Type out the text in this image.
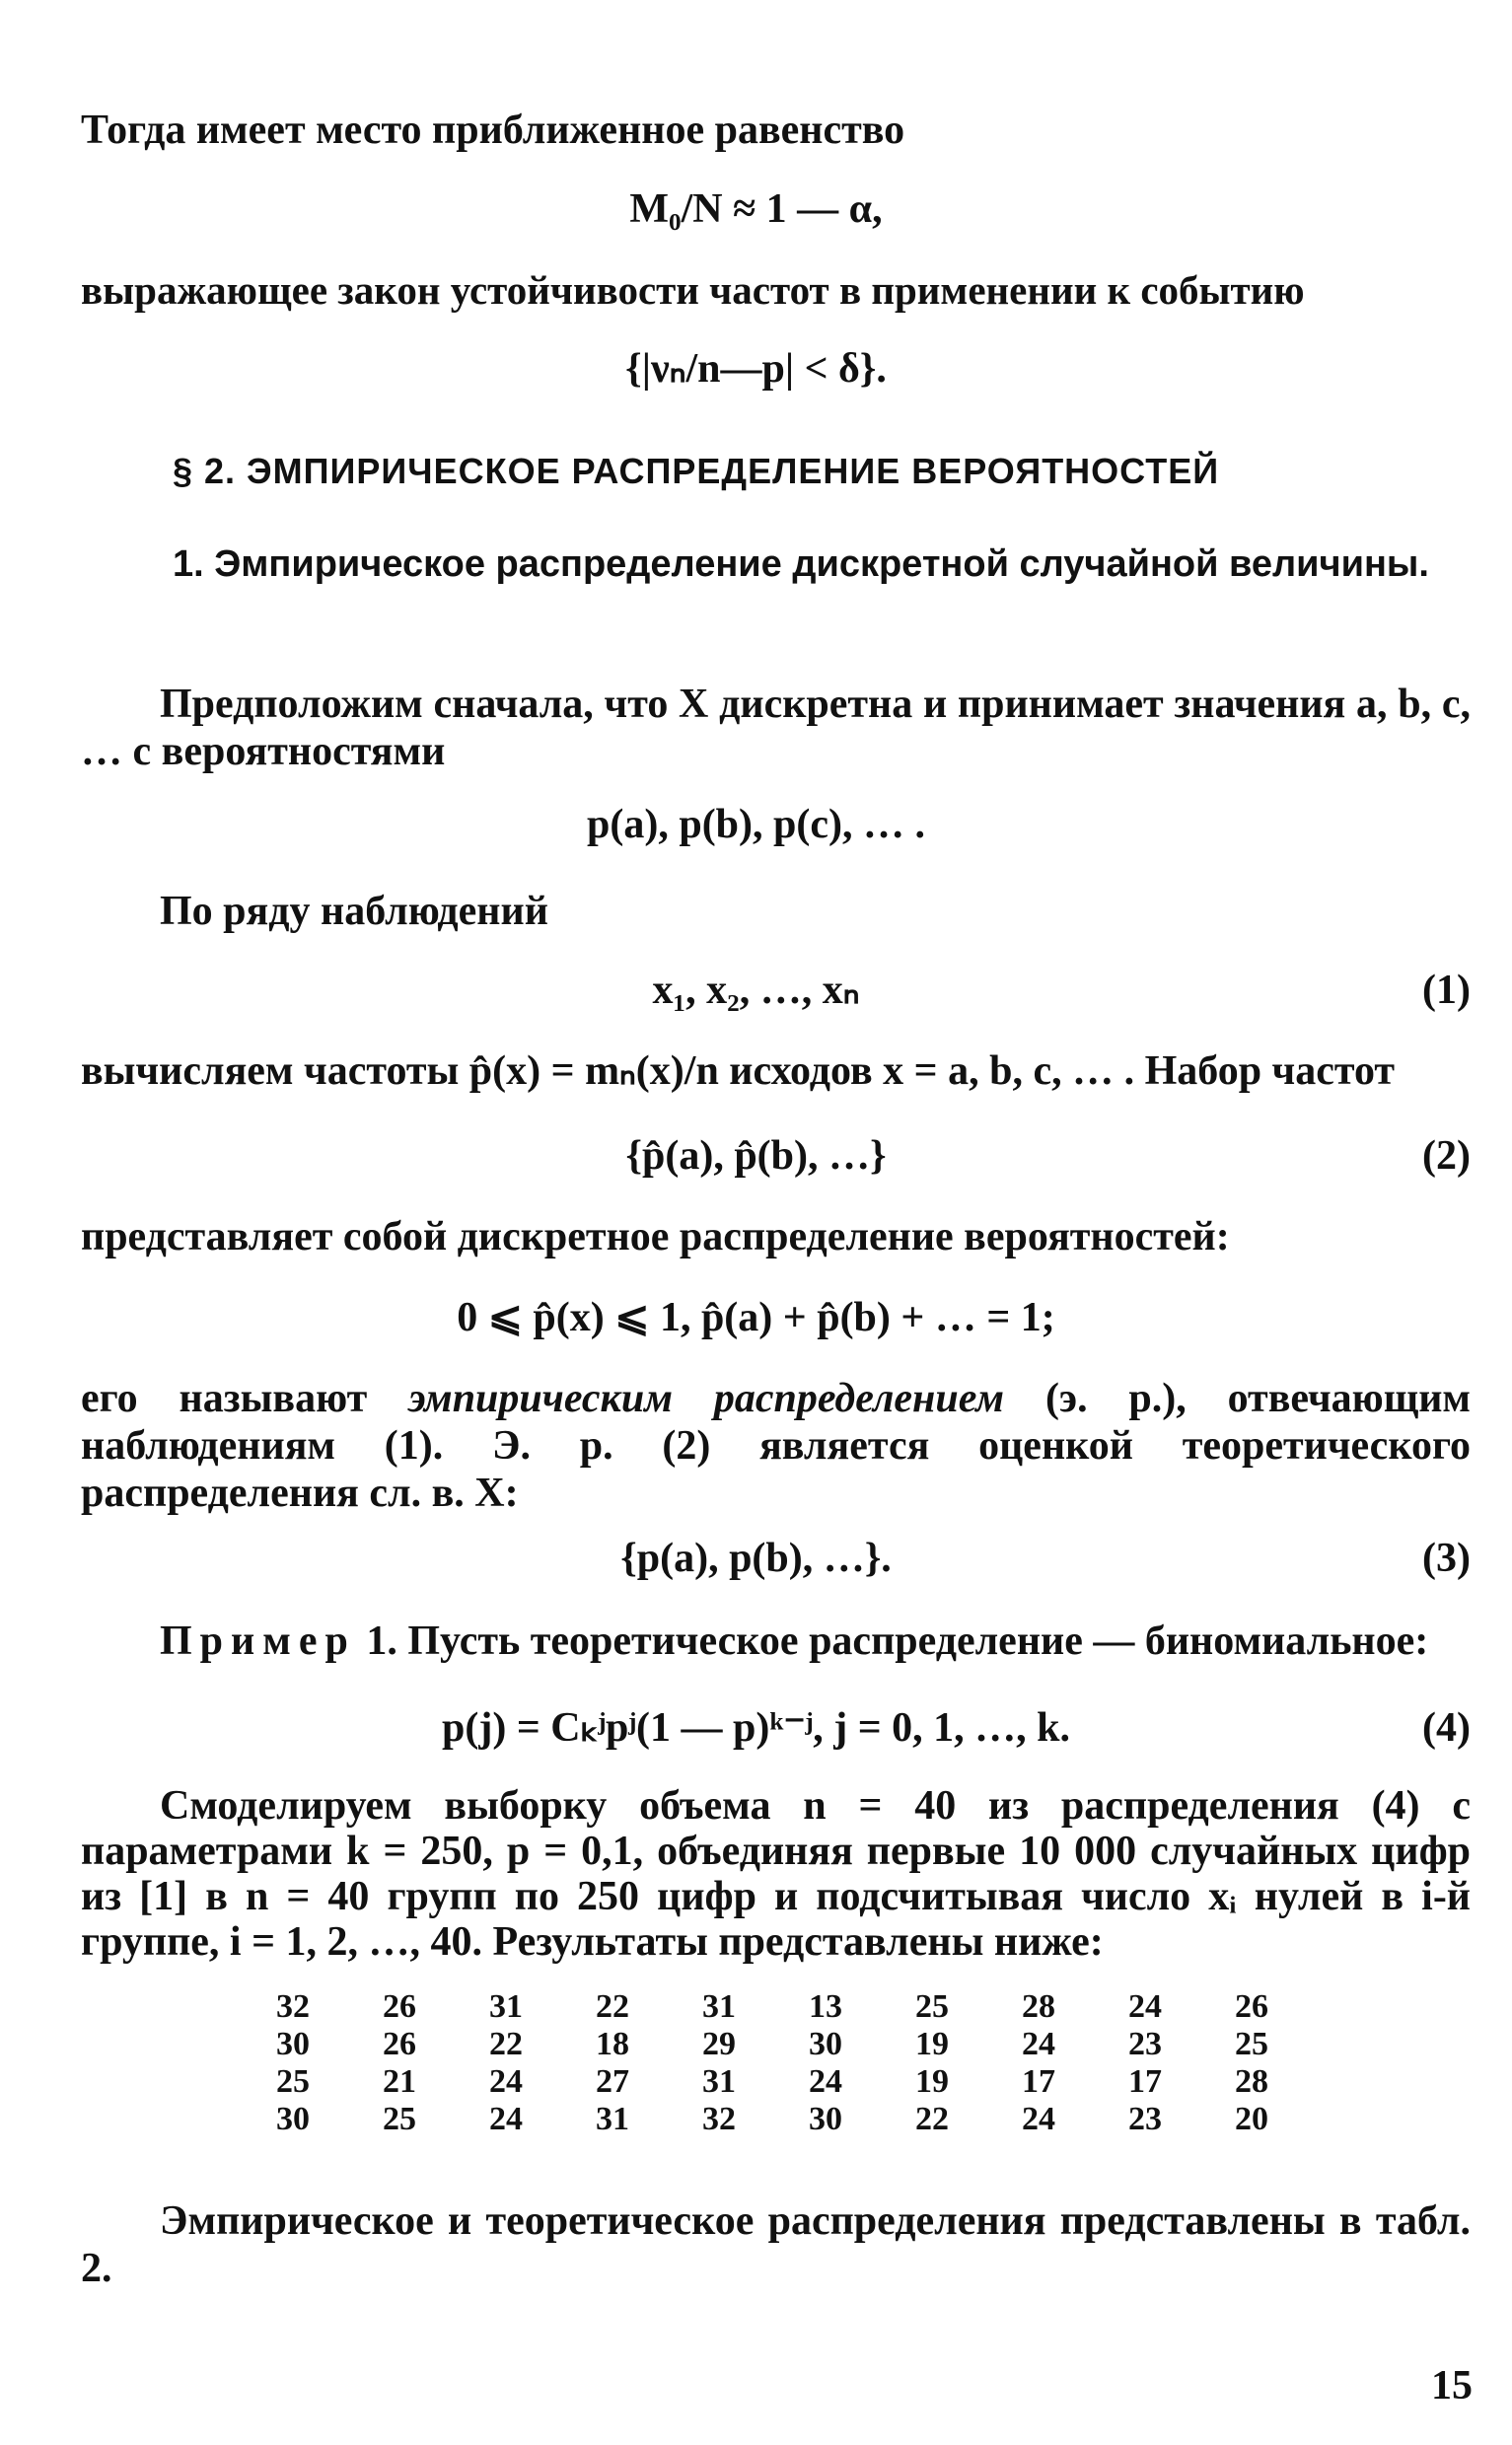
Тогда имеет место приближенное равенство
M₀/N ≈ 1 — α,
выражающее закон устойчивости частот в применении к событию
{|νₙ/n—p| < δ}.
§ 2. ЭМПИРИЧЕСКОЕ РАСПРЕДЕЛЕНИЕ ВЕРОЯТНОСТЕЙ
1. Эмпирическое распределение дискретной случайной величины.
Предположим сначала, что X дискретна и принимает значения a, b, c, … с вероятностями
p(a), p(b), p(c), … .
По ряду наблюдений
x₁, x₂, …, xₙ	(1)
вычисляем частоты p̂(x) = mₙ(x)/n исходов x = a, b, c, … . Набор частот
{p̂(a), p̂(b), …}	(2)
представляет собой дискретное распределение вероятностей:
0 ⩽ p̂(x) ⩽ 1, p̂(a) + p̂(b) + … = 1;
его называют эмпирическим распределением (э. р.), отвечающим наблюдениям (1). Э. р. (2) является оценкой теоретического распределения сл. в. X:
{p(a), p(b), …}.	(3)
Пример 1. Пусть теоретическое распределение — биномиальное:
p(j) = Cₖʲpʲ(1 — p)ᵏ⁻ʲ, j = 0, 1, …, k.	(4)
Смоделируем выборку объема n = 40 из распределения (4) с параметрами k = 250, p = 0,1, объединяя первые 10 000 случайных цифр из [1] в n = 40 групп по 250 цифр и подсчитывая число xᵢ нулей в i-й группе, i = 1, 2, …, 40. Результаты представлены ниже:
32	26	31	22	31	13	25	28	24	26
30	26	22	18	29	30	19	24	23	25
25	21	24	27	31	24	19	17	17	28
30	25	24	31	32	30	22	24	23	20
Эмпирическое и теоретическое распределения представлены в табл. 2.
15
